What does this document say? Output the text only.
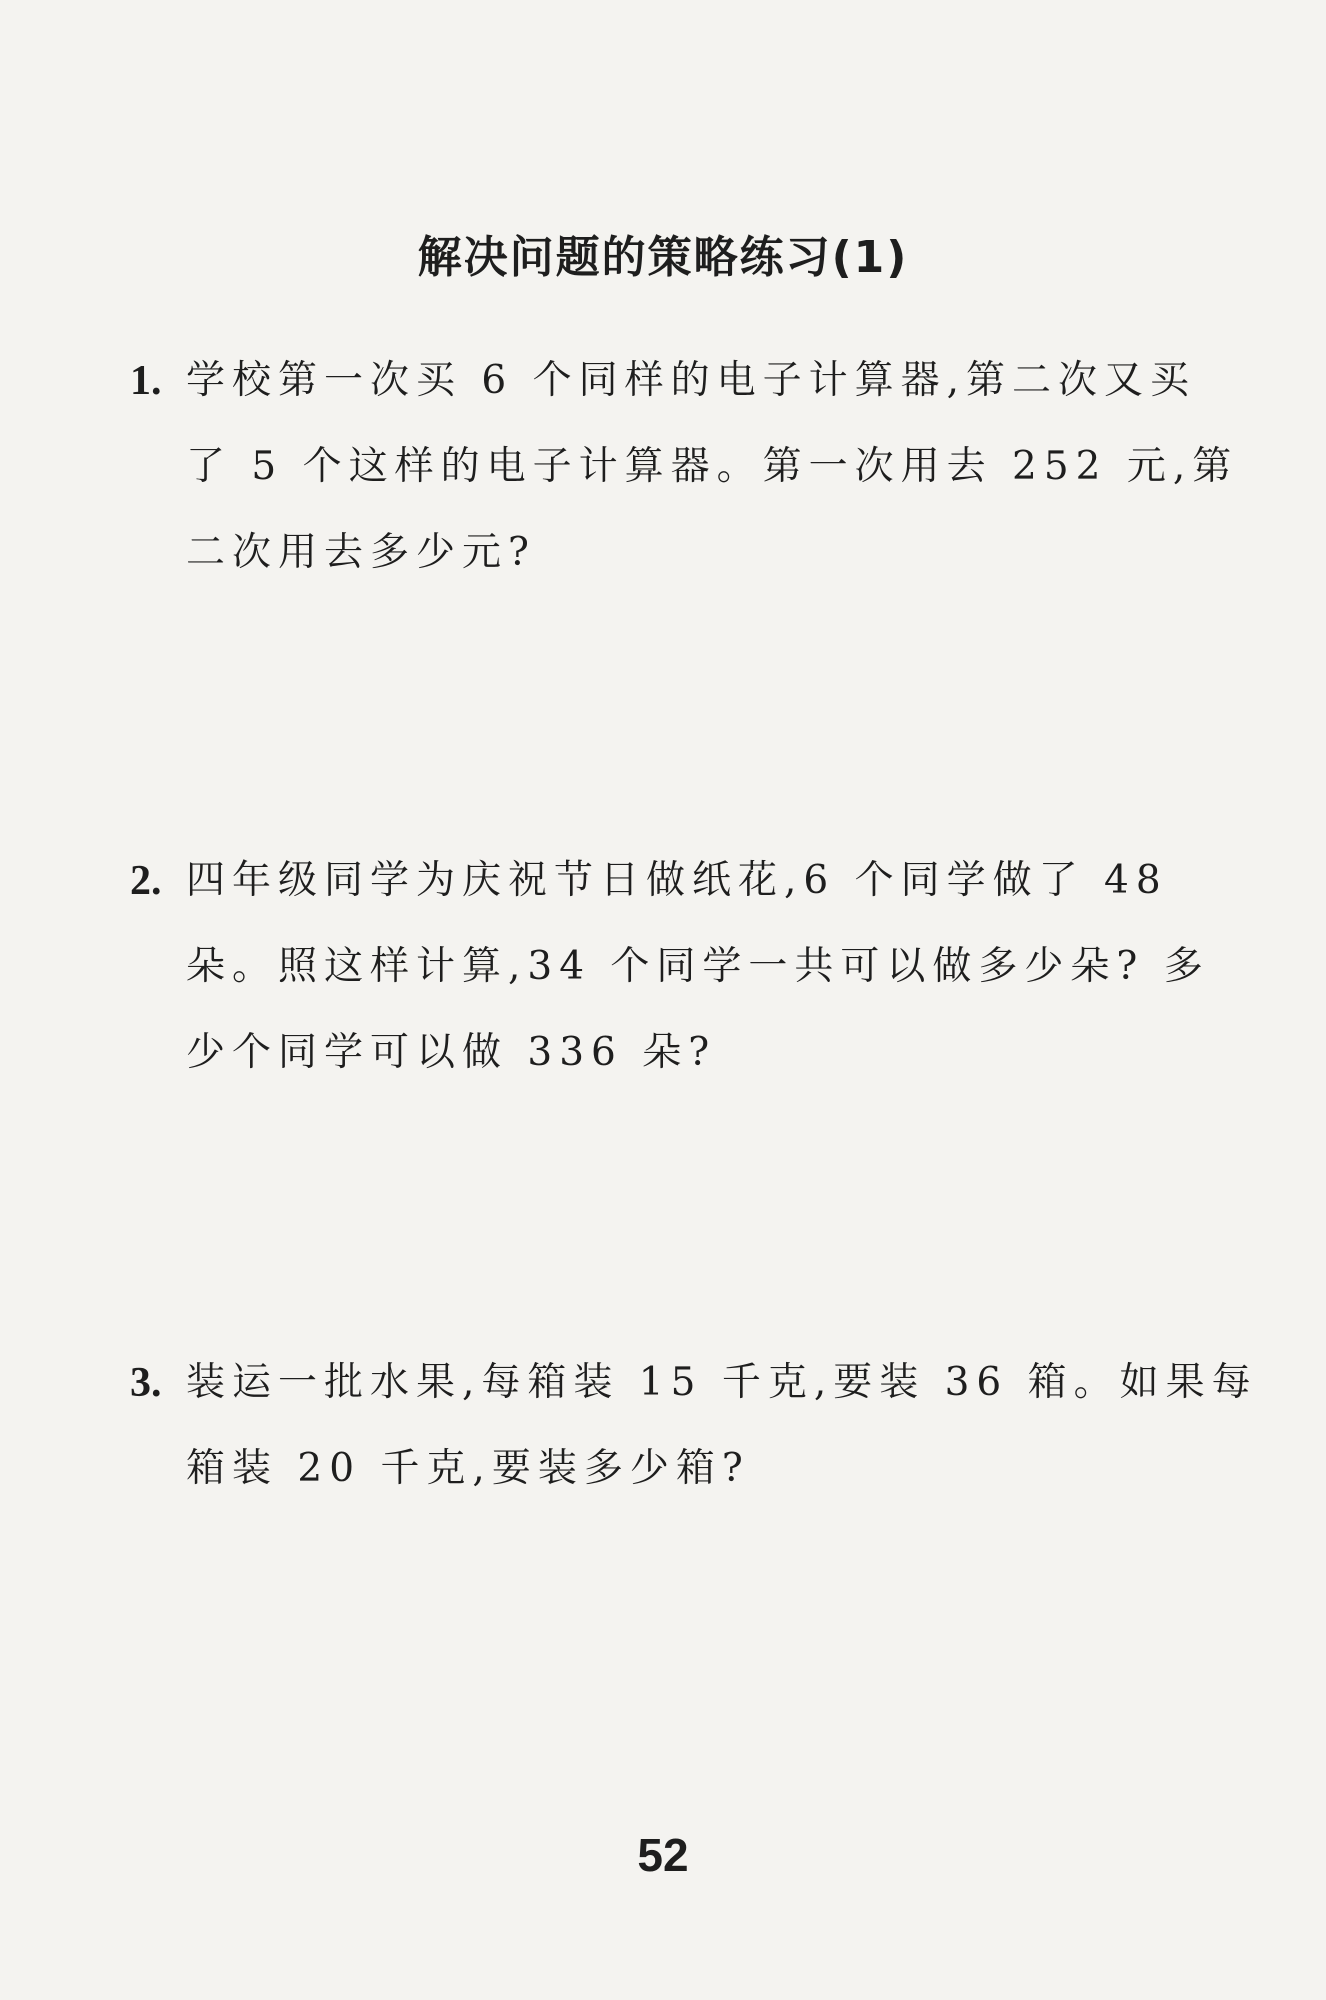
解决问题的策略练习(1)
1. 学校第一次买 6 个同样的电子计算器,第二次又买
了 5 个这样的电子计算器。第一次用去 252 元,第
二次用去多少元?
2. 四年级同学为庆祝节日做纸花,6 个同学做了 48
朵。照这样计算,34 个同学一共可以做多少朵? 多
少个同学可以做 336 朵?
3. 装运一批水果,每箱装 15 千克,要装 36 箱。如果每
箱装 20 千克,要装多少箱?
52
